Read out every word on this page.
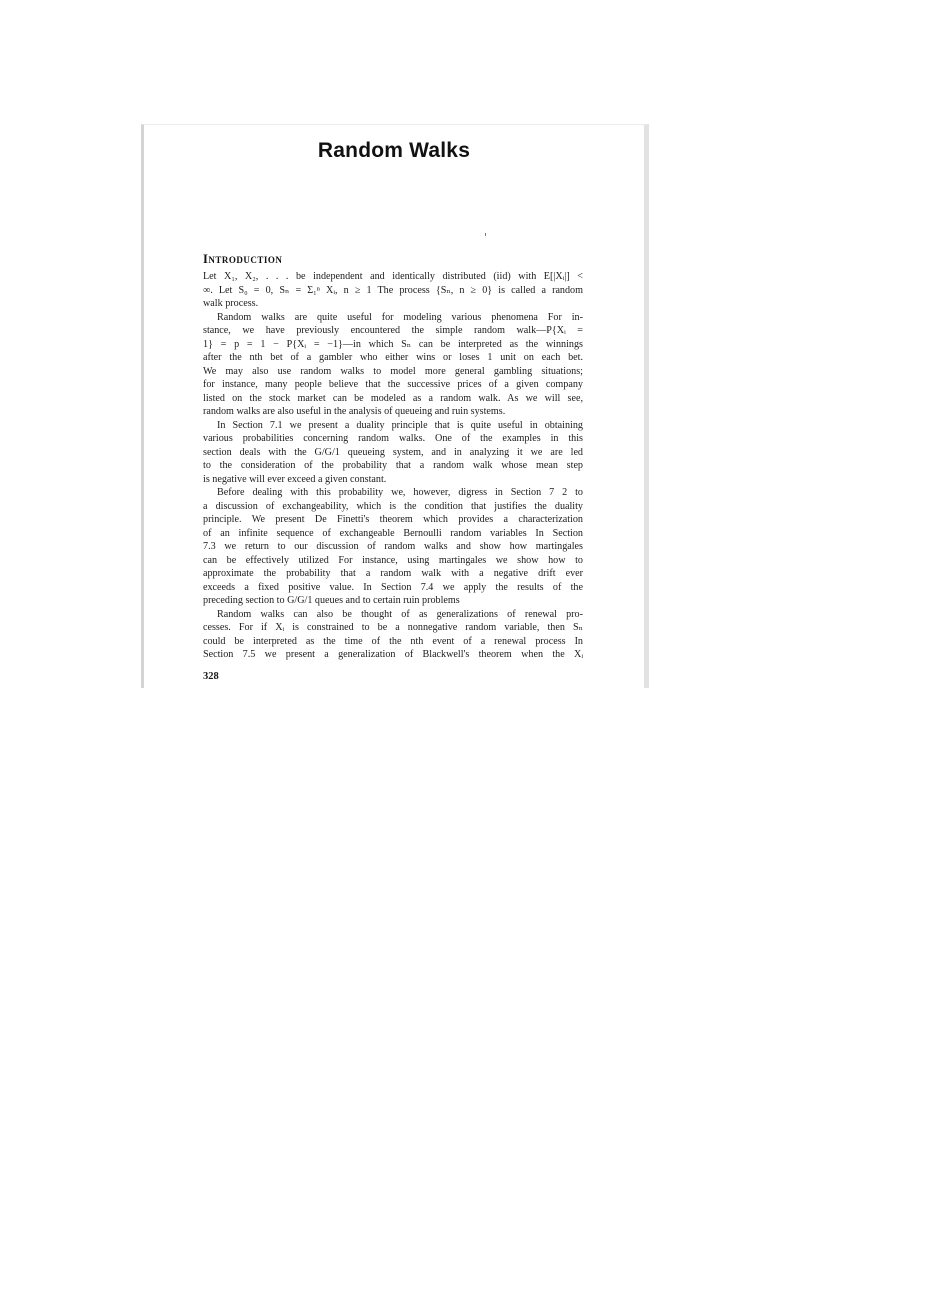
Random Walks
Introduction
Let X₁, X₂, . . . be independent and identically distributed (iid) with E[|Xᵢ|] <
∞. Let S₀ = 0, Sₙ = Σ₁ⁿ Xᵢ, n ≥ 1 The process {Sₙ, n ≥ 0} is called a random
walk process.
Random walks are quite useful for modeling various phenomena For in-
stance, we have previously encountered the simple random walk—P{Xᵢ =
1} = p = 1 − P{Xᵢ = −1}—in which Sₙ can be interpreted as the winnings
after the nth bet of a gambler who either wins or loses 1 unit on each bet.
We may also use random walks to model more general gambling situations;
for instance, many people believe that the successive prices of a given company
listed on the stock market can be modeled as a random walk. As we will see,
random walks are also useful in the analysis of queueing and ruin systems.
In Section 7.1 we present a duality principle that is quite useful in obtaining
various probabilities concerning random walks. One of the examples in this
section deals with the G/G/1 queueing system, and in analyzing it we are led
to the consideration of the probability that a random walk whose mean step
is negative will ever exceed a given constant.
Before dealing with this probability we, however, digress in Section 7 2 to
a discussion of exchangeability, which is the condition that justifies the duality
principle. We present De Finetti's theorem which provides a characterization
of an infinite sequence of exchangeable Bernoulli random variables In Section
7.3 we return to our discussion of random walks and show how martingales
can be effectively utilized For instance, using martingales we show how to
approximate the probability that a random walk with a negative drift ever
exceeds a fixed positive value. In Section 7.4 we apply the results of the
preceding section to G/G/1 queues and to certain ruin problems
Random walks can also be thought of as generalizations of renewal pro-
cesses. For if Xᵢ is constrained to be a nonnegative random variable, then Sₙ
could be interpreted as the time of the nth event of a renewal process In
Section 7.5 we present a generalization of Blackwell's theorem when the Xᵢ
328
